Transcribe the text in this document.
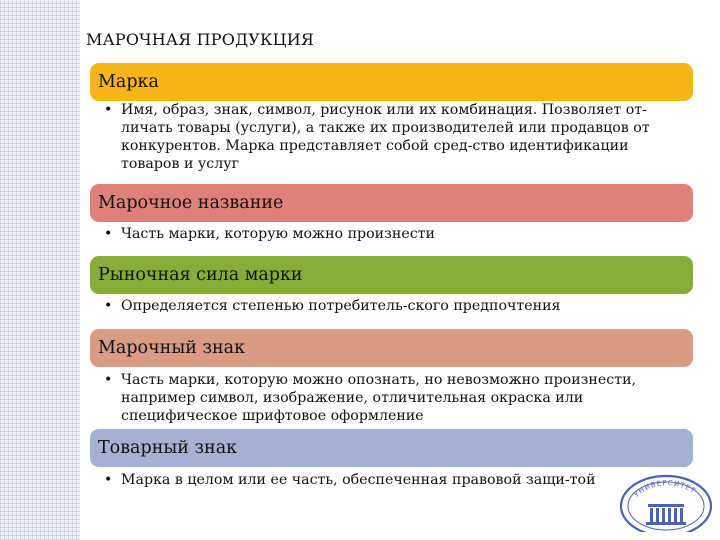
МАРОЧНАЯ ПРОДУКЦИЯ
Марка
• Имя, образ, знак, символ, рисунок или их комбинация. Позволяет от-личать товары (услуги), а также их производителей или продавцов от конкурентов. Марка представляет собой сред-ство идентификации товаров и услуг
Марочное название
• Часть марки, которую можно произнести
Рыночная сила марки
• Определяется степенью потребитель-ского предпочтения
Марочный знак
• Часть марки, которую можно опознать, но невозможно произнести, например символ, изображение, отличительная окраска или специфическое шрифтовое оформление
Товарный знак
• Марка в целом или ее часть, обеспеченная правовой защи-той
УНИВЕРСИТЕТ
